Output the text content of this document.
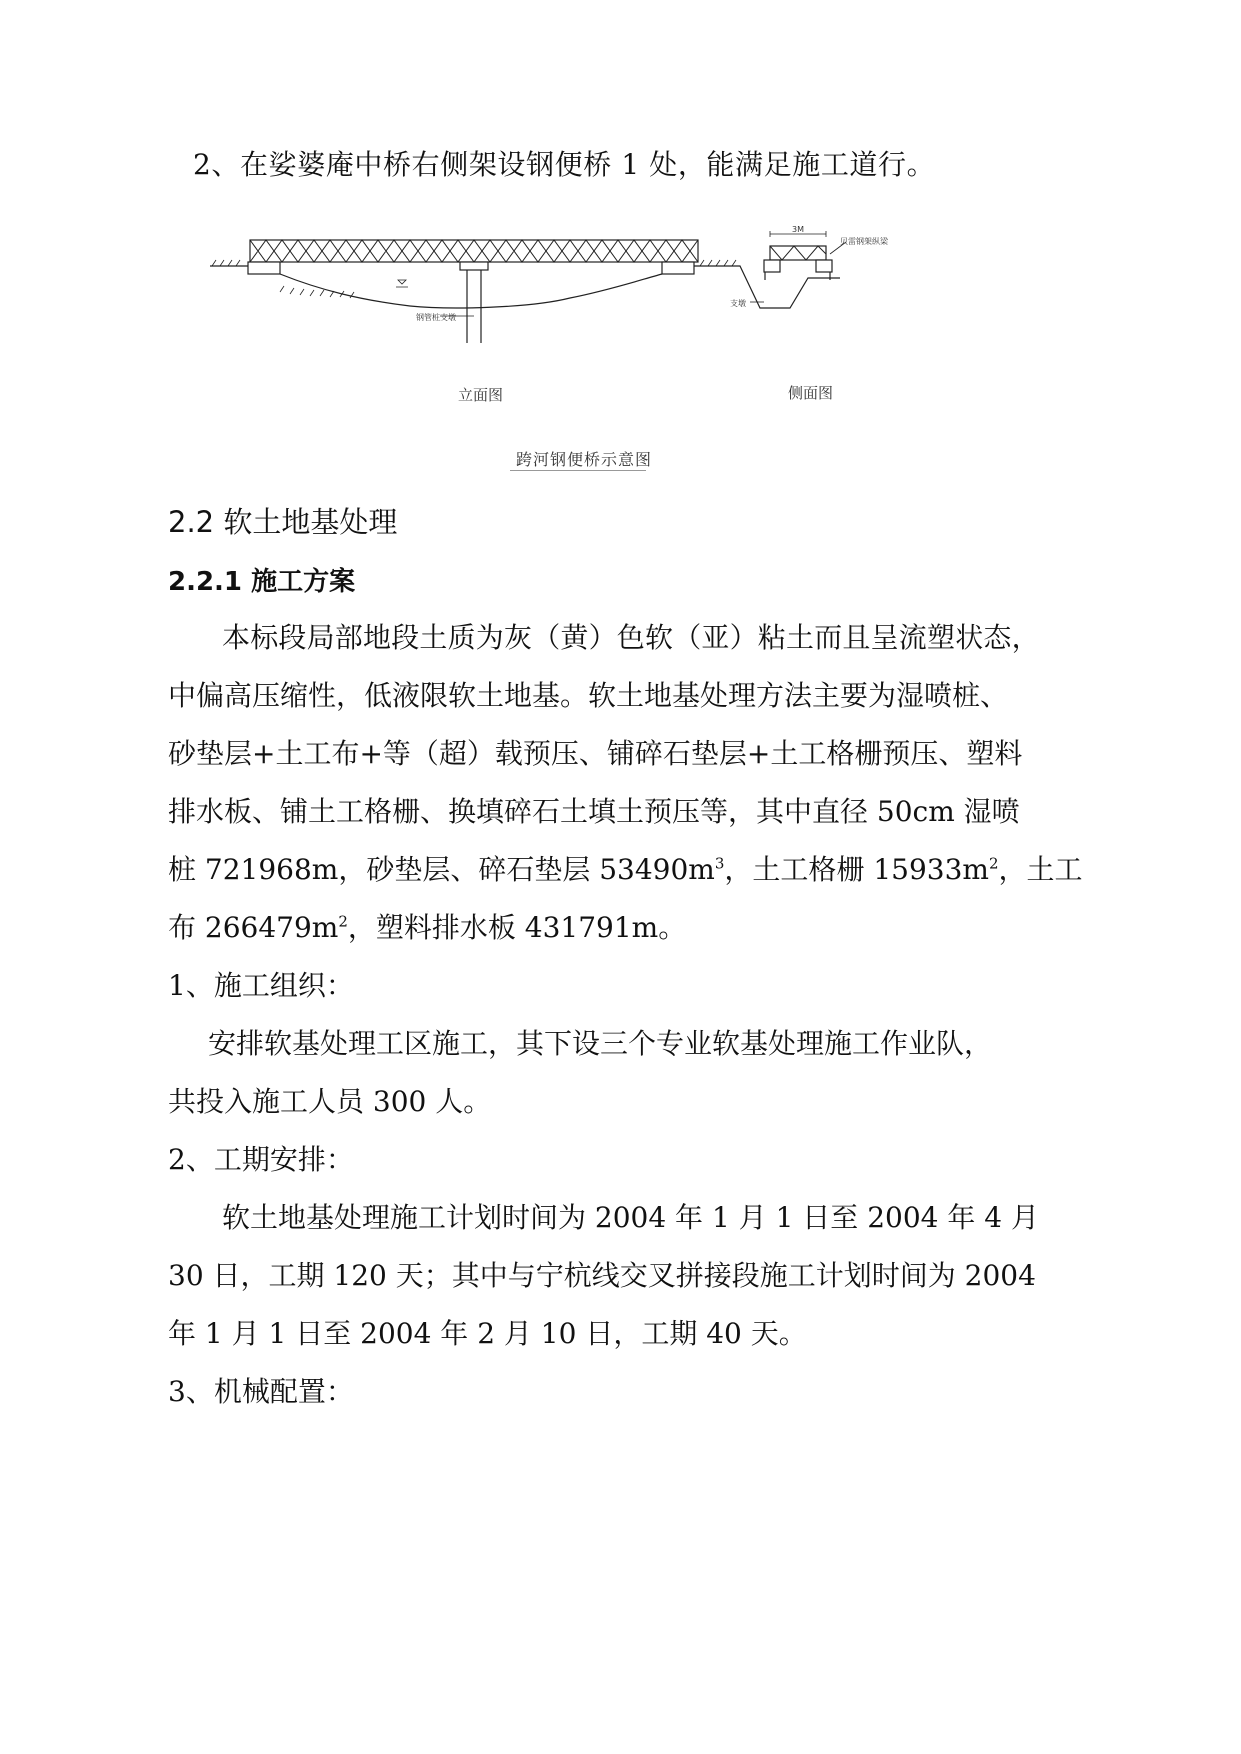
2、在娑婆庵中桥右侧架设钢便桥 1 处，能满足施工道行。
钢管桩支墩
支墩
贝雷钢架纵梁
3M
立面图	侧面图
跨河钢便桥示意图
2.2 软土地基处理
2.2.1 施工方案
本标段局部地段土质为灰（黄）色软（亚）粘土而且呈流塑状态，
中偏高压缩性，低液限软土地基。软土地基处理方法主要为湿喷桩、
砂垫层+土工布+等（超）载预压、铺碎石垫层+土工格栅预压、塑料
排水板、铺土工格栅、换填碎石土填土预压等，其中直径 50cm 湿喷
桩 721968m，砂垫层、碎石垫层 $53490m^3$，土工格栅 $15933m^2$，土工
布 $266479m^2$，塑料排水板 431791m。
1、施工组织：
安排软基处理工区施工，其下设三个专业软基处理施工作业队，
共投入施工人员 300 人。
2、工期安排：
软土地基处理施工计划时间为 2004 年 1 月 1 日至 2004 年 4 月
30 日，工期 120 天；其中与宁杭线交叉拼接段施工计划时间为 2004
年 1 月 1 日至 2004 年 2 月 10 日，工期 40 天。
3、机械配置：
